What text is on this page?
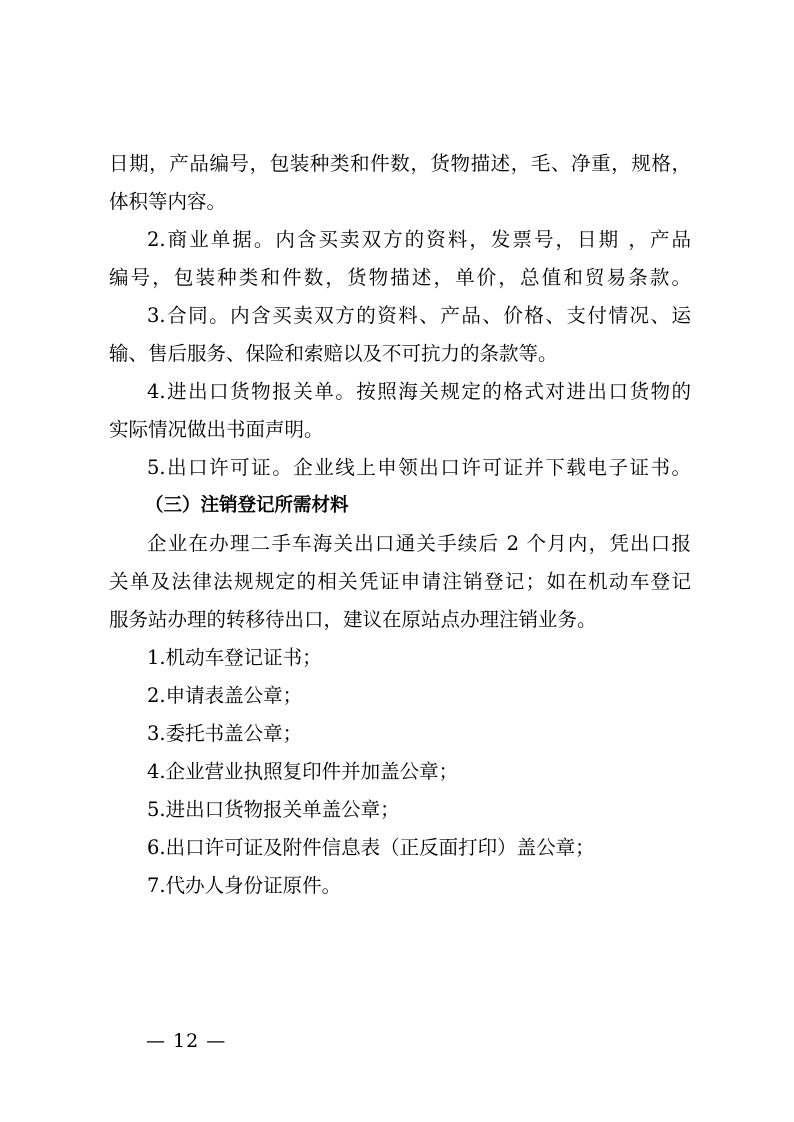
日期，产品编号，包装种类和件数，货物描述，毛、净重，规格，
体积等内容。
2.商业单据。内含买卖双方的资料，发票号，日期 ，产品
编号，包装种类和件数，货物描述，单价，总值和贸易条款。
3.合同。内含买卖双方的资料、产品、价格、支付情况、运
输、售后服务、保险和索赔以及不可抗力的条款等。
4.进出口货物报关单。按照海关规定的格式对进出口货物的
实际情况做出书面声明。
5.出口许可证。企业线上申领出口许可证并下载电子证书。
（三）注销登记所需材料
企业在办理二手车海关出口通关手续后 2 个月内，凭出口报
关单及法律法规规定的相关凭证申请注销登记；如在机动车登记
服务站办理的转移待出口，建议在原站点办理注销业务。
1.机动车登记证书；
2.申请表盖公章；
3.委托书盖公章；
4.企业营业执照复印件并加盖公章；
5.进出口货物报关单盖公章；
6.出口许可证及附件信息表（正反面打印）盖公章；
7.代办人身份证原件。
— 12 —
